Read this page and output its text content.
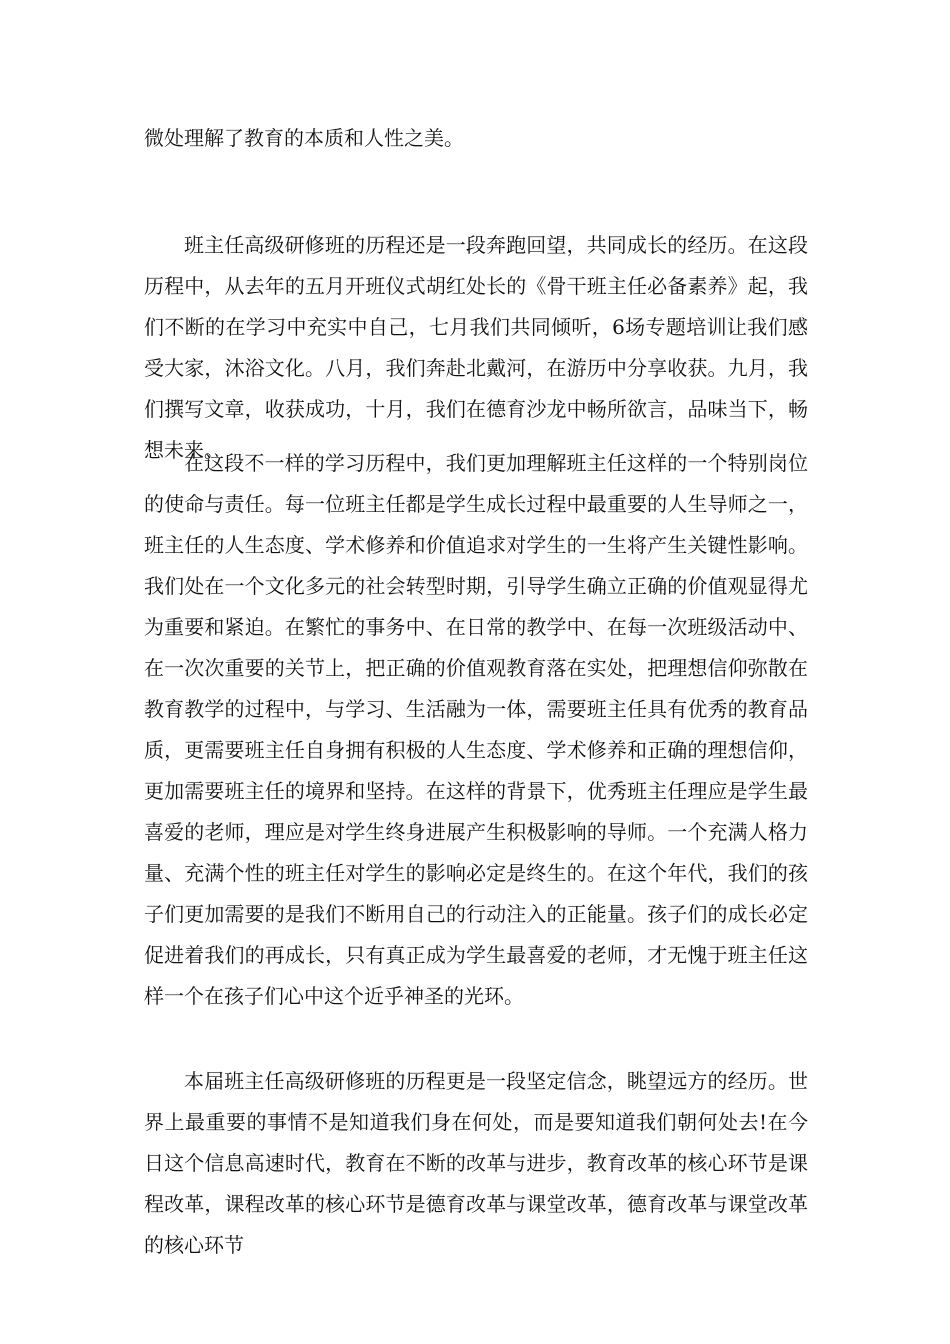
微处理解了教育的本质和人性之美。

班主任高级研修班的历程还是一段奔跑回望，共同成长的经历。在这段历程中，从去年的五月开班仪式胡红处长的《骨干班主任必备素养》起，我们不断的在学习中充实中自己，七月我们共同倾听，6场专题培训让我们感受大家，沐浴文化。八月，我们奔赴北戴河，在游历中分享收获。九月，我们撰写文章，收获成功，十月，我们在德育沙龙中畅所欲言，品味当下，畅想未来。

在这段不一样的学习历程中，我们更加理解班主任这样的一个特别岗位的使命与责任。每一位班主任都是学生成长过程中最重要的人生导师之一，班主任的人生态度、学术修养和价值追求对学生的一生将产生关键性影响。我们处在一个文化多元的社会转型时期，引导学生确立正确的价值观显得尤为重要和紧迫。在繁忙的事务中、在日常的教学中、在每一次班级活动中、在一次次重要的关节上，把正确的价值观教育落在实处，把理想信仰弥散在教育教学的过程中，与学习、生活融为一体，需要班主任具有优秀的教育品质，更需要班主任自身拥有积极的人生态度、学术修养和正确的理想信仰，更加需要班主任的境界和坚持。在这样的背景下，优秀班主任理应是学生最喜爱的老师，理应是对学生终身进展产生积极影响的导师。一个充满人格力量、充满个性的班主任对学生的影响必定是终生的。在这个年代，我们的孩子们更加需要的是我们不断用自己的行动注入的正能量。孩子们的成长必定促进着我们的再成长，只有真正成为学生最喜爱的老师，才无愧于班主任这样一个在孩子们心中这个近乎神圣的光环。

本届班主任高级研修班的历程更是一段坚定信念，眺望远方的经历。世界上最重要的事情不是知道我们身在何处，而是要知道我们朝何处去!在今日这个信息高速时代，教育在不断的改革与进步，教育改革的核心环节是课程改革，课程改革的核心环节是德育改革与课堂改革，德育改革与课堂改革的核心环节
